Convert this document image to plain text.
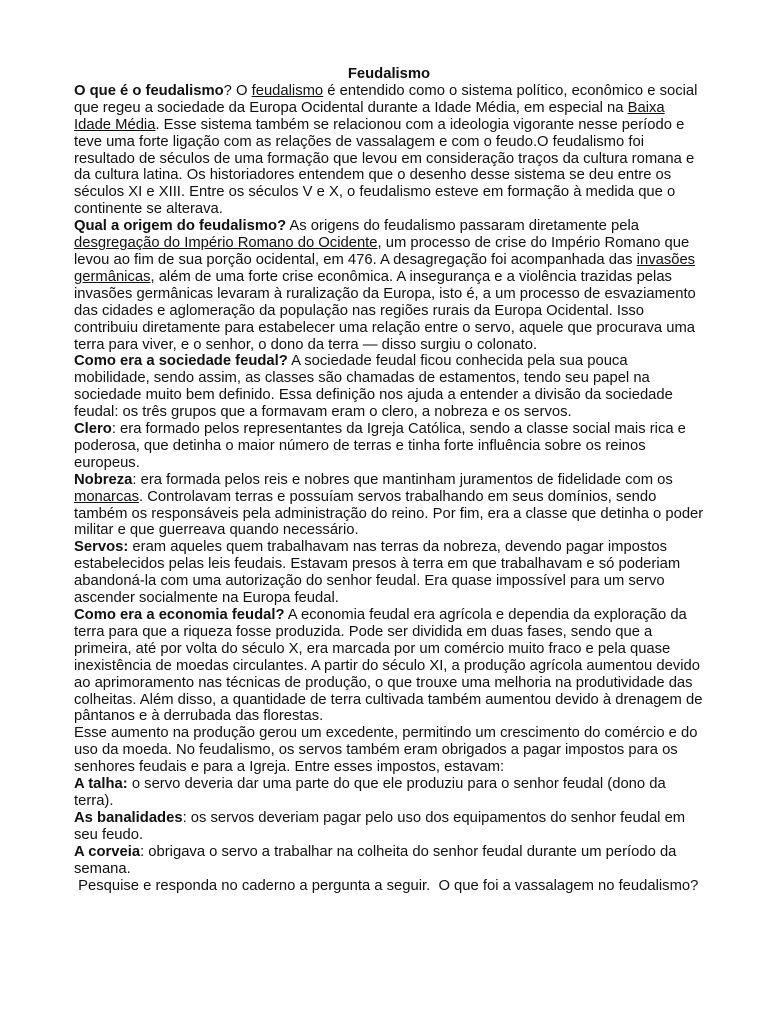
Feudalismo

O que é o feudalismo? O feudalismo é entendido como o sistema político, econômico e social que regeu a sociedade da Europa Ocidental durante a Idade Média, em especial na Baixa Idade Média. Esse sistema também se relacionou com a ideologia vigorante nesse período e teve uma forte ligação com as relações de vassalagem e com o feudo.O feudalismo foi resultado de séculos de uma formação que levou em consideração traços da cultura romana e da cultura latina. Os historiadores entendem que o desenho desse sistema se deu entre os séculos XI e XIII. Entre os séculos V e X, o feudalismo esteve em formação à medida que o continente se alterava.

Qual a origem do feudalismo? As origens do feudalismo passaram diretamente pela desgregação do Império Romano do Ocidente, um processo de crise do Império Romano que levou ao fim de sua porção ocidental, em 476. A desagregação foi acompanhada das invasões germânicas, além de uma forte crise econômica. A insegurança e a violência trazidas pelas invasões germânicas levaram à ruralização da Europa, isto é, a um processo de esvaziamento das cidades e aglomeração da população nas regiões rurais da Europa Ocidental. Isso contribuiu diretamente para estabelecer uma relação entre o servo, aquele que procurava uma terra para viver, e o senhor, o dono da terra — disso surgiu o colonato.

Como era a sociedade feudal? A sociedade feudal ficou conhecida pela sua pouca mobilidade, sendo assim, as classes são chamadas de estamentos, tendo seu papel na sociedade muito bem definido. Essa definição nos ajuda a entender a divisão da sociedade feudal: os três grupos que a formavam eram o clero, a nobreza e os servos.

Clero: era formado pelos representantes da Igreja Católica, sendo a classe social mais rica e poderosa, que detinha o maior número de terras e tinha forte influência sobre os reinos europeus.

Nobreza: era formada pelos reis e nobres que mantinham juramentos de fidelidade com os monarcas. Controlavam terras e possuíam servos trabalhando em seus domínios, sendo também os responsáveis pela administração do reino. Por fim, era a classe que detinha o poder militar e que guerreava quando necessário.

Servos: eram aqueles quem trabalhavam nas terras da nobreza, devendo pagar impostos estabelecidos pelas leis feudais. Estavam presos à terra em que trabalhavam e só poderiam abandoná-la com uma autorização do senhor feudal. Era quase impossível para um servo ascender socialmente na Europa feudal.

Como era a economia feudal? A economia feudal era agrícola e dependia da exploração da terra para que a riqueza fosse produzida. Pode ser dividida em duas fases, sendo que a primeira, até por volta do século X, era marcada por um comércio muito fraco e pela quase inexistência de moedas circulantes. A partir do século XI, a produção agrícola aumentou devido ao aprimoramento nas técnicas de produção, o que trouxe uma melhoria na produtividade das colheitas. Além disso, a quantidade de terra cultivada também aumentou devido à drenagem de pântanos e à derrubada das florestas.

Esse aumento na produção gerou um excedente, permitindo um crescimento do comércio e do uso da moeda. No feudalismo, os servos também eram obrigados a pagar impostos para os senhores feudais e para a Igreja. Entre esses impostos, estavam:

A talha: o servo deveria dar uma parte do que ele produziu para o senhor feudal (dono da terra).

As banalidades: os servos deveriam pagar pelo uso dos equipamentos do senhor feudal em seu feudo.

A corveia: obrigava o servo a trabalhar na colheita do senhor feudal durante um período da semana.

Pesquise e responda no caderno a pergunta a seguir.  O que foi a vassalagem no feudalismo?
